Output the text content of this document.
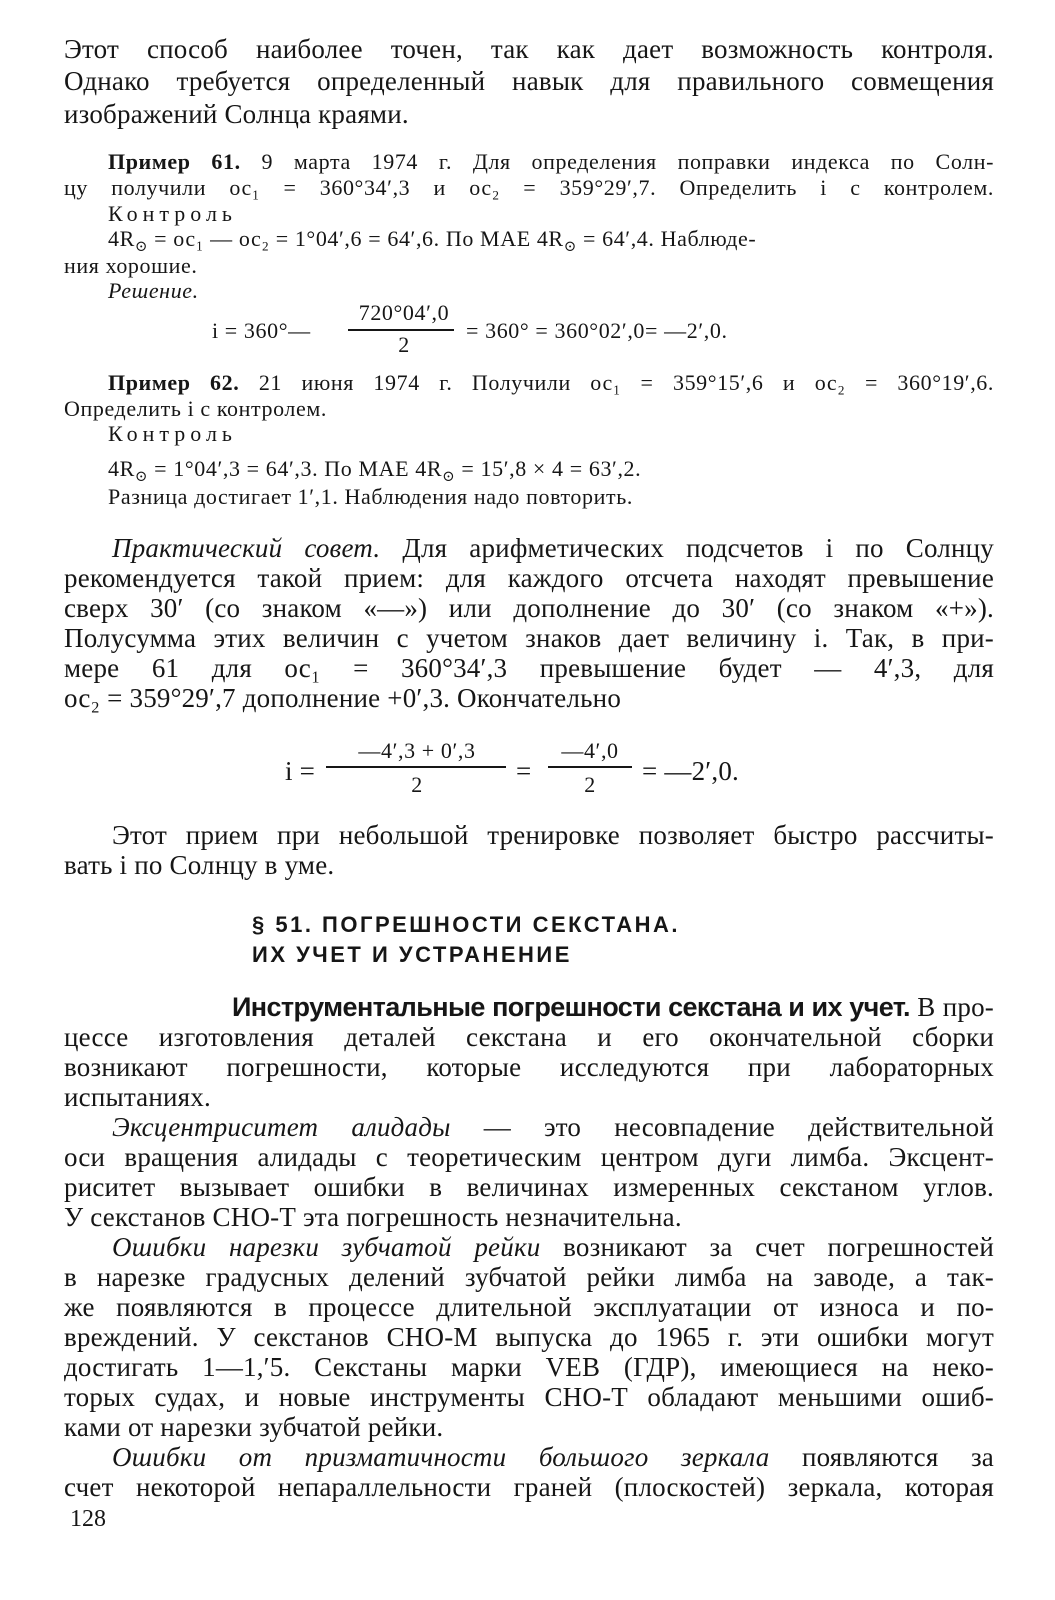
Этот способ наиболее точен, так как дает возможность контроля.
Однако требуется определенный навык для правильного совмещения
изображений Солнца краями.
Пример 61. 9 марта 1974 г. Для определения поправки индекса по Солн-
цу получили ос₁ = 360°34′,3 и ос₂ = 359°29′,7. Определить i с контролем.
Контроль
$4R_⊙ = ос_1$ — ос₂ = 1°04′,6 = 64′,6. По МАЕ $4R_⊙ = 64',4$. Наблюде-
ния хорошие.
Решение.
i = 360°—
720°04′,0
2
= 360° = 360°02′,0= —2′,0.
Пример 62. 21 июня 1974 г. Получили ос₁ = 359°15′,6 и ос₂ = 360°19′,6.
Определить i с контролем.
Контроль
$4R_⊙ = 1^\circ 04',3 = 64',3$. По МАЕ $4R_⊙ = 15',8 \times 4 = 63',2$.
Разница достигает 1′,1. Наблюдения надо повторить.
Практический совет. Для арифметических подсчетов i по Солнцу
рекомендуется такой прием: для каждого отсчета находят превышение
сверх 30′ (со знаком «—») или дополнение до 30′ (со знаком «+»).
Полусумма этих величин с учетом знаков дает величину i. Так, в при-
мере 61 для ос₁ = 360°34′,3 превышение будет — 4′,3, для
ос₂ = 359°29′,7 дополнение +0′,3. Окончательно
i =
—4′,3 + 0′,3
2	=
—4′,0
2	= —2′,0.
Этот прием при небольшой тренировке позволяет быстро рассчиты-
вать i по Солнцу в уме.
§ 51. ПОГРЕШНОСТИ СЕКСТАНА.
ИХ УЧЕТ И УСТРАНЕНИЕ
Инструментальные погрешности секстана и их учет. В про-
цессе изготовления деталей секстана и его окончательной сборки
возникают погрешности, которые исследуются при лабораторных
испытаниях.
Эксцентриситет алидады — это несовпадение действительной
оси вращения алидады с теоретическим центром дуги лимба. Эксцент-
риситет вызывает ошибки в величинах измеренных секстаном углов.
У секстанов СНО-Т эта погрешность незначительна.
Ошибки нарезки зубчатой рейки возникают за счет погрешностей
в нарезке градусных делений зубчатой рейки лимба на заводе, а так-
же появляются в процессе длительной эксплуатации от износа и по-
вреждений. У секстанов СНО-М выпуска до 1965 г. эти ошибки могут
достигать 1—1,′5. Секстаны марки VEB (ГДР), имеющиеся на неко-
торых судах, и новые инструменты СНО-Т обладают меньшими ошиб-
ками от нарезки зубчатой рейки.
Ошибки от призматичности большого зеркала появляются за
счет некоторой непараллельности граней (плоскостей) зеркала, которая
128
